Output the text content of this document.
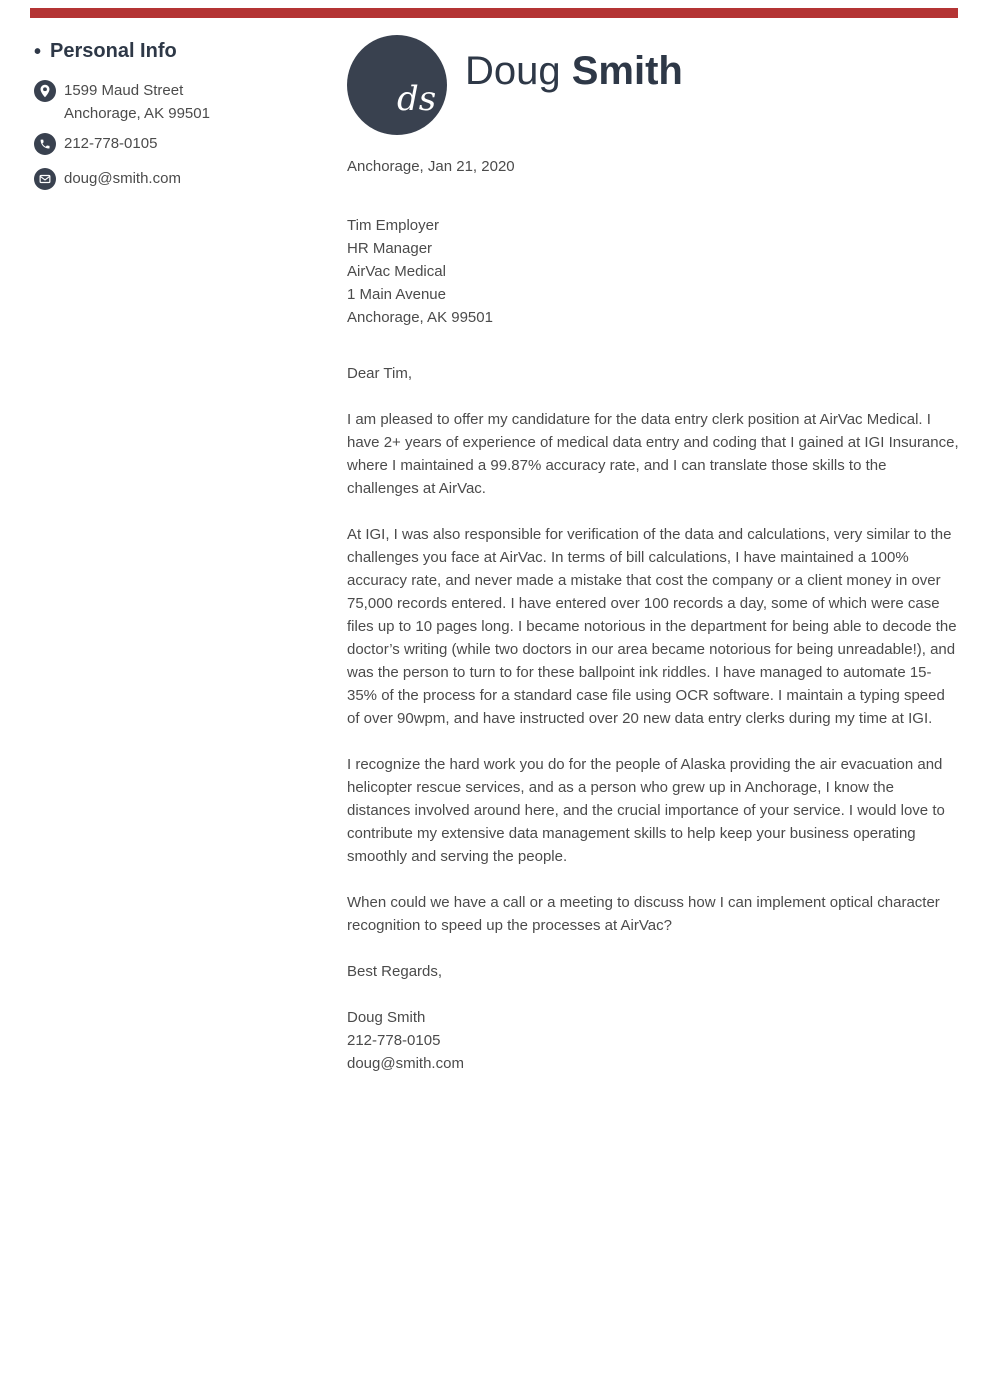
• Personal Info
1599 Maud Street
Anchorage, AK 99501
212-778-0105
doug@smith.com
ds
Doug Smith
Anchorage, Jan 21, 2020
Tim Employer
HR Manager
AirVac Medical
1 Main Avenue
Anchorage, AK 99501
Dear Tim,
I am pleased to offer my candidature for the data entry clerk position at AirVac Medical. I have 2+ years of experience of medical data entry and coding that I gained at IGI Insurance, where I maintained a 99.87% accuracy rate, and I can translate those skills to the challenges at AirVac.
At IGI, I was also responsible for verification of the data and calculations, very similar to the challenges you face at AirVac. In terms of bill calculations, I have maintained a 100% accuracy rate, and never made a mistake that cost the company or a client money in over 75,000 records entered. I have entered over 100 records a day, some of which were case files up to 10 pages long. I became notorious in the department for being able to decode the doctor’s writing (while two doctors in our area became notorious for being unreadable!), and was the person to turn to for these ballpoint ink riddles. I have managed to automate 15-35% of the process for a standard case file using OCR software. I maintain a typing speed of over 90wpm, and have instructed over 20 new data entry clerks during my time at IGI.
I recognize the hard work you do for the people of Alaska providing the air evacuation and helicopter rescue services, and as a person who grew up in Anchorage, I know the distances involved around here, and the crucial importance of your service. I would love to contribute my extensive data management skills to help keep your business operating smoothly and serving the people.
When could we have a call or a meeting to discuss how I can implement optical character recognition to speed up the processes at AirVac?
Best Regards,
Doug Smith
212-778-0105
doug@smith.com
